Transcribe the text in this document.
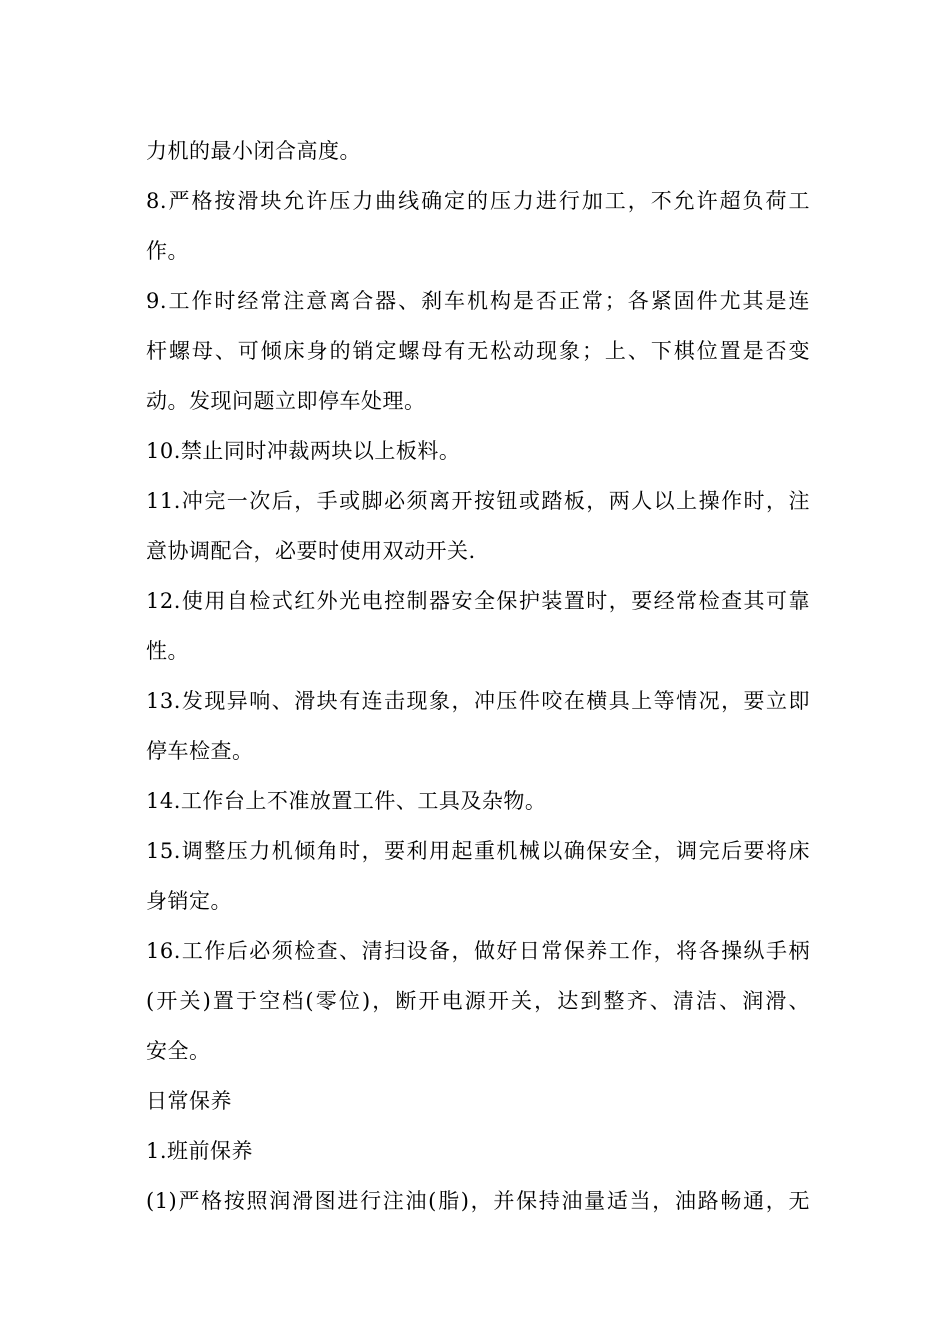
力机的最小闭合高度。
8.严格按滑块允许压力曲线确定的压力进行加工，不允许超负荷工
作。
9.工作时经常注意离合器、刹车机构是否正常；各紧固件尤其是连
杆螺母、可倾床身的销定螺母有无松动现象；上、下棋位置是否变
动。发现问题立即停车处理。
10.禁止同时冲裁两块以上板料。
11.冲完一次后，手或脚必须离开按钮或踏板，两人以上操作时，注
意协调配合，必要时使用双动开关.
12.使用自检式红外光电控制器安全保护装置时，要经常检查其可靠
性。
13.发现异响、滑块有连击现象，冲压件咬在横具上等情况，要立即
停车检查。
14.工作台上不准放置工件、工具及杂物。
15.调整压力机倾角时，要利用起重机械以确保安全，调完后要将床
身销定。
16.工作后必须检查、清扫设备，做好日常保养工作，将各操纵手柄
(开关)置于空档(零位)，断开电源开关，达到整齐、清洁、润滑、
安全。
日常保养
1.班前保养
(1)严格按照润滑图进行注油(脂)，并保持油量适当，油路畅通，无
